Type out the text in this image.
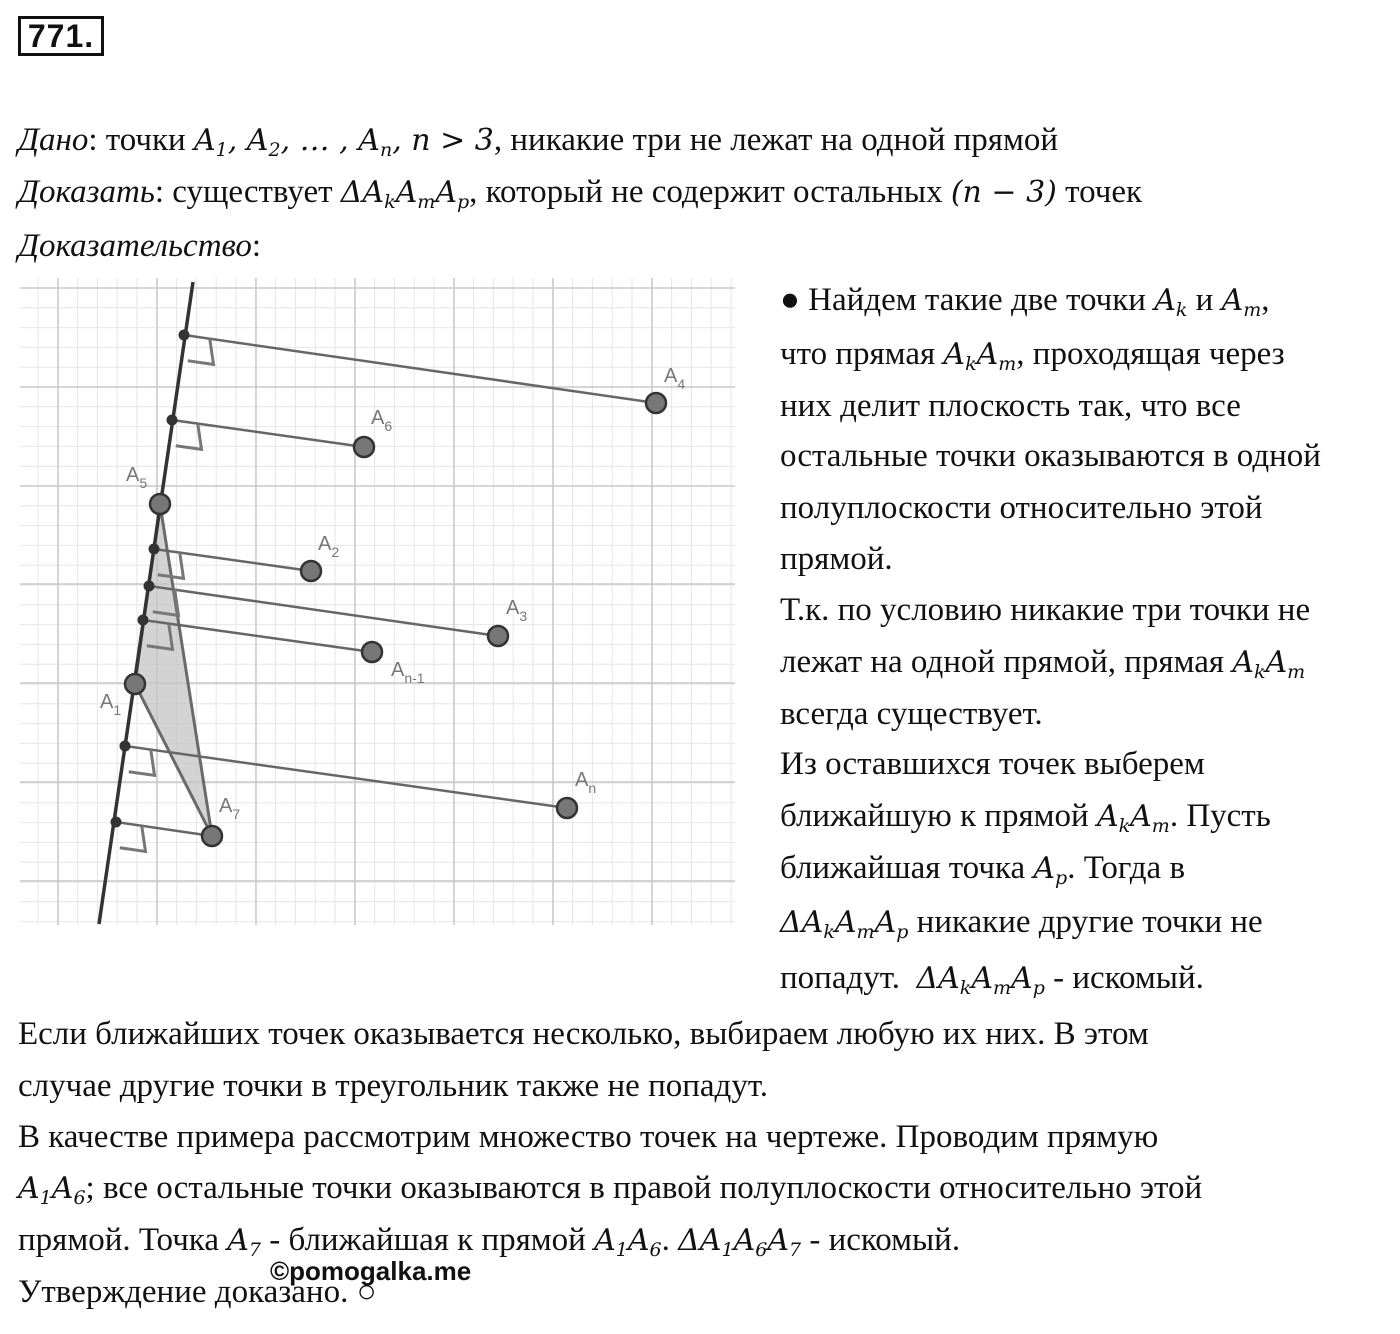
771.
Дано: точки $A_1$, $A_2$, … , $A_n$, n > 3, никакие три не лежат на одной прямой
Доказать: существует $\Delta A_kA_mA_p$, который не содержит остальных (n − 3) точек
Доказательство:
$A_4$
$A_6$
$A_5$
$A_2$
$A_3$
$A_{n-1}$
$A_1$
$A_n$
$A_7$
● Найдем такие две точки $A_k$ и $A_m$,
что прямая $A_kA_m$, проходящая через
них делит плоскость так, что все
остальные точки оказываются в одной
полуплоскости относительно этой
прямой.
Т.к. по условию никакие три точки не
лежат на одной прямой, прямая $A_kA_m$
всегда существует.
Из оставшихся точек выберем
ближайшую к прямой $A_kA_m$. Пусть
ближайшая точка $A_p$. Тогда в
$\Delta A_kA_mA_p$ никакие другие точки не
попадут.  $\Delta A_kA_mA_p$ - искомый.
Если ближайших точек оказывается несколько, выбираем любую их них. В этом
случае другие точки в треугольник также не попадут.
В качестве примера рассмотрим множество точек на чертеже. Проводим прямую
$A_1A_6$; все остальные точки оказываются в правой полуплоскости относительно этой
прямой. Точка $A_7$ - ближайшая к прямой $A_1A_6$. $\Delta A_1A_6A_7$ - искомый.
Утверждение доказано. ○
©pomogalka.me
